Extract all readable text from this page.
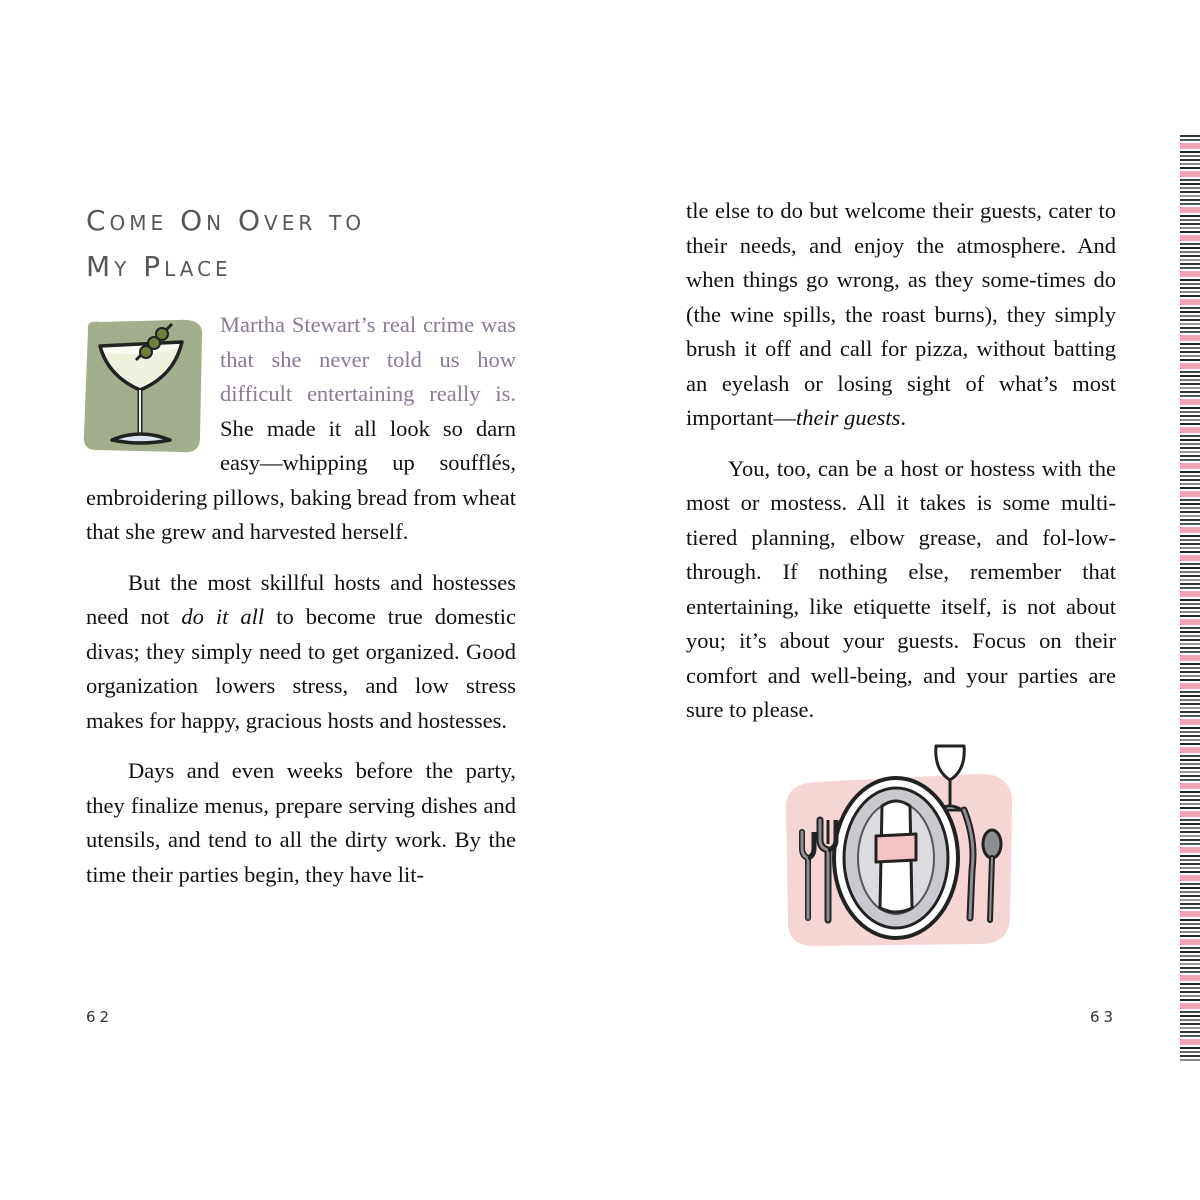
Come On Over to
My Place

Martha Stewart’s real crime was that she never told us how difficult entertaining really is. She made it all look so darn easy—whipping up soufflés, embroidering pillows, baking bread from wheat that she grew and harvested herself.

But the most skillful hosts and hostesses need not do it all to become true domestic divas; they simply need to get organized. Good organization lowers stress, and low stress makes for happy, gracious hosts and hostesses.

Days and even weeks before the party, they finalize menus, prepare serving dishes and utensils, and tend to all the dirty work. By the time their parties begin, they have lit-

62

tle else to do but welcome their guests, cater to their needs, and enjoy the atmosphere. And when things go wrong, as they some-times do (the wine spills, the roast burns), they simply brush it off and call for pizza, without batting an eyelash or losing sight of what’s most important—their guests.

You, too, can be a host or hostess with the most or mostess. All it takes is some multi-tiered planning, elbow grease, and fol-low-through. If nothing else, remember that entertaining, like etiquette itself, is not about you; it’s about your guests. Focus on their comfort and well-being, and your parties are sure to please.

63
